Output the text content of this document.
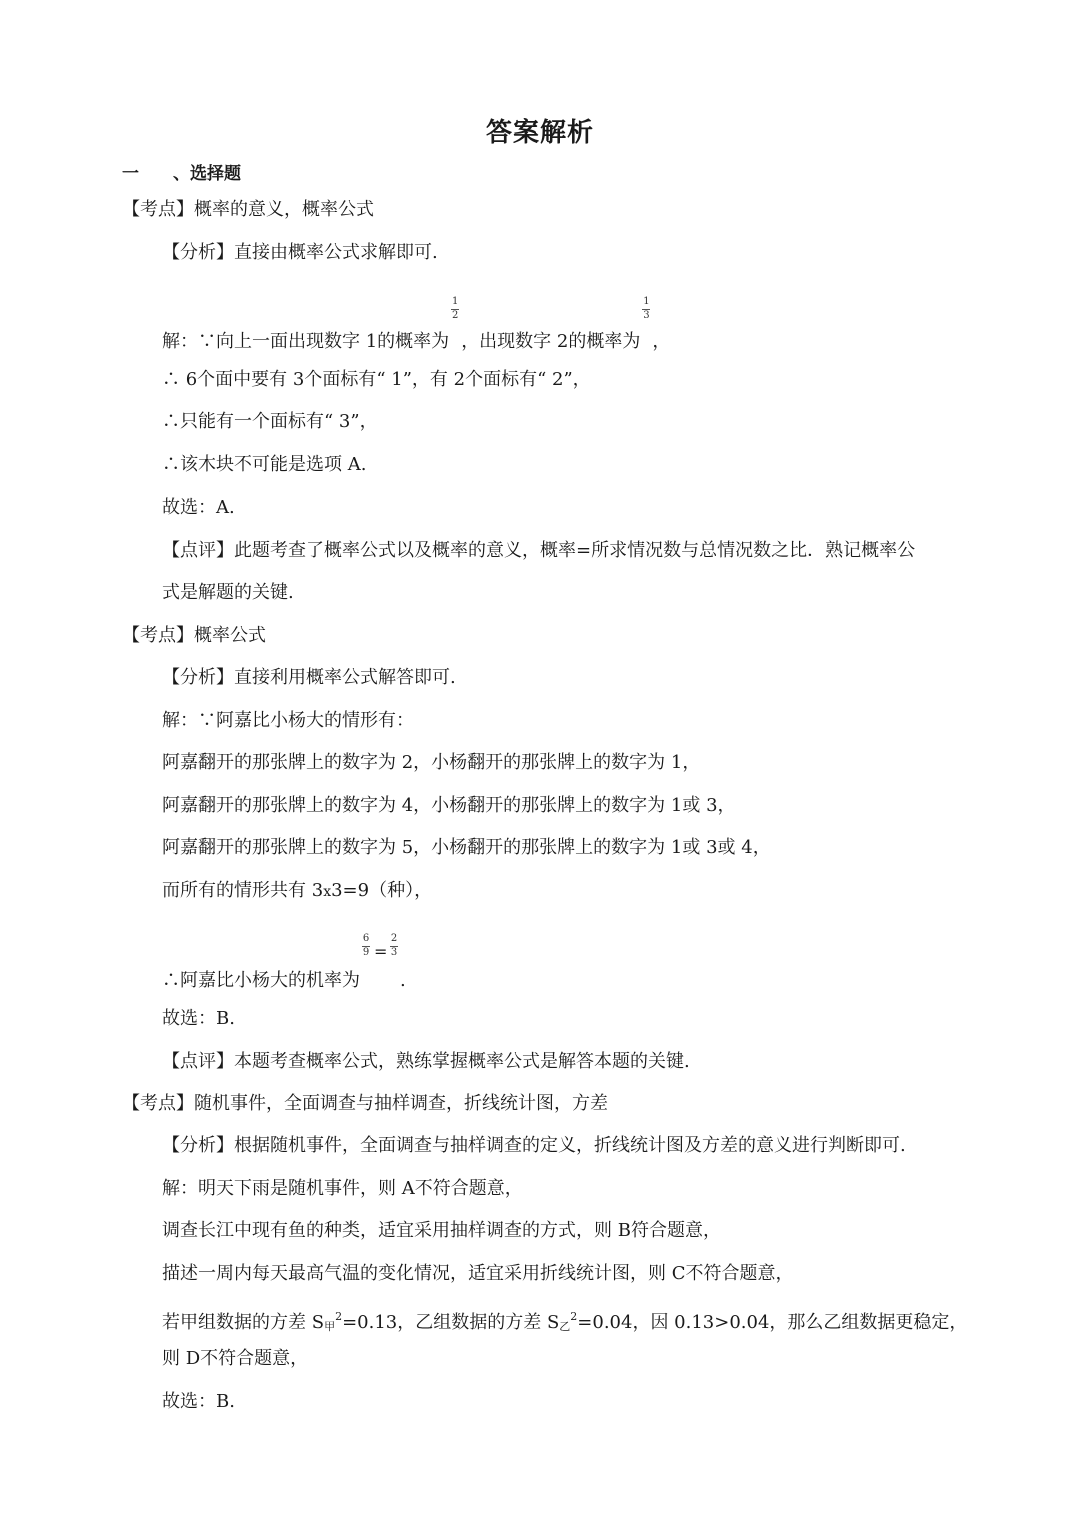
答案解析
一 、选择题
【考点】概率的意义，概率公式
【分析】直接由概率公式求解即可.
解：∵向上一面出现数字 1的概率为 $\frac{1}{2}$ ，出现数字 2的概率为 $\frac{1}{3}$ ，
∴ 6个面中要有 3个面标有“ 1”，有 2个面标有“ 2”，
∴只能有一个面标有“ 3”，
∴该木块不可能是选项 A.
故选：A.
【点评】此题考查了概率公式以及概率的意义，概率=所求情况数与总情况数之比．熟记概率公
式是解题的关键.
【考点】概率公式
【分析】直接利用概率公式解答即可.
解：∵阿嘉比小杨大的情形有：
阿嘉翻开的那张牌上的数字为 2，小杨翻开的那张牌上的数字为 1，
阿嘉翻开的那张牌上的数字为 4，小杨翻开的那张牌上的数字为 1或 3，
阿嘉翻开的那张牌上的数字为 5，小杨翻开的那张牌上的数字为 1或 3或 4，
而所有的情形共有 3x3=9（种），
∴阿嘉比小杨大的机率为 $\frac{6}{9}$
=
$\frac{2}{3}$ .
故选：B.
【点评】本题考查概率公式，熟练掌握概率公式是解答本题的关键.
【考点】随机事件，全面调查与抽样调查，折线统计图，方差
【分析】根据随机事件，全面调查与抽样调查的定义，折线统计图及方差的意义进行判断即可.
解：明天下雨是随机事件，则 A不符合题意，
调查长江中现有鱼的种类，适宜采用抽样调查的方式，则 B符合题意，
描述一周内每天最高气温的变化情况，适宜采用折线统计图，则 C不符合题意，
若甲组数据的方差 S甲$^2$=0.13，乙组数据的方差 S乙$^2$=0.04，因 0.13>0.04，那么乙组数据更稳定，
则 D不符合题意，
故选：B.
